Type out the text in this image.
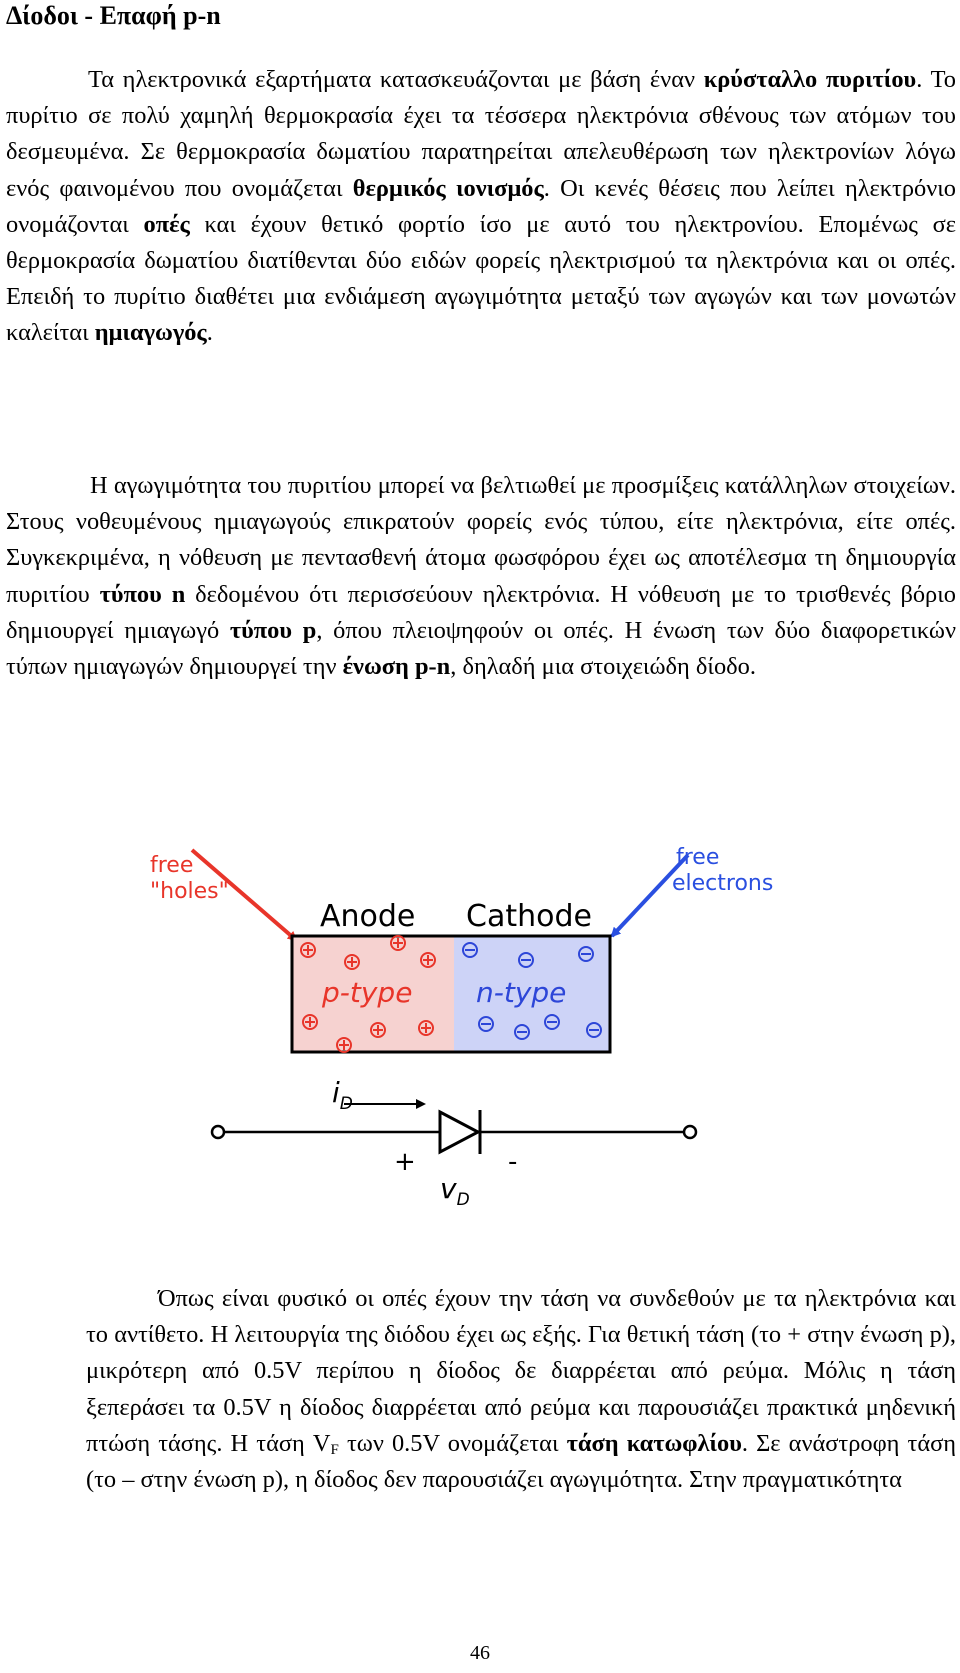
Δίοδοι - Επαφή p-n

Τα ηλεκτρονικά εξαρτήματα κατασκευάζονται με βάση έναν κρύσταλλο πυριτίου. Το πυρίτιο σε πολύ χαμηλή θερμοκρασία έχει τα τέσσερα ηλεκτρόνια σθένους των ατόμων του δεσμευμένα. Σε θερμοκρασία δωματίου παρατηρείται απελευθέρωση των ηλεκτρονίων λόγω ενός φαινομένου που ονομάζεται θερμικός ιονισμός. Οι κενές θέσεις που λείπει ηλεκτρόνιο ονομάζονται οπές και έχουν θετικό φορτίο ίσο με αυτό του ηλεκτρονίου. Επομένως σε θερμοκρασία δωματίου διατίθενται δύο ειδών φορείς ηλεκτρισμού τα ηλεκτρόνια και οι οπές. Επειδή το πυρίτιο διαθέτει μια ενδιάμεση αγωγιμότητα μεταξύ των αγωγών και των μονωτών καλείται ημιαγωγός.

Η αγωγιμότητα του πυριτίου μπορεί να βελτιωθεί με προσμίξεις κατάλληλων στοιχείων. Στους νοθευμένους ημιαγωγούς επικρατούν φορείς ενός τύπου, είτε ηλεκτρόνια, είτε οπές. Συγκεκριμένα, η νόθευση με πεντασθενή άτομα φωσφόρου έχει ως αποτέλεσμα τη δημιουργία πυριτίου τύπου n δεδομένου ότι περισσεύουν ηλεκτρόνια. Η νόθευση με το τρισθενές βόριο δημιουργεί ημιαγωγό τύπου p, όπου πλειοψηφούν οι οπές. Η ένωση των δύο διαφορετικών τύπων ημιαγωγών δημιουργεί την ένωση p-n, δηλαδή μια στοιχειώδη δίοδο.

Anode Cathode
p-type n-type
$i_D$
+	-
$v_D$
free
"holes"
free
electrons

Όπως είναι φυσικό οι οπές έχουν την τάση να συνδεθούν με τα ηλεκτρόνια και το αντίθετο. Η λειτουργία της διόδου έχει ως εξής. Για θετική τάση (το + στην ένωση p), μικρότερη από 0.5V περίπου η δίοδος δε διαρρέεται από ρεύμα. Μόλις η τάση ξεπεράσει τα 0.5V η δίοδος διαρρέεται από ρεύμα και παρουσιάζει πρακτικά μηδενική πτώση τάσης. Η τάση $V_F$ των 0.5V ονομάζεται τάση κατωφλίου. Σε ανάστροφη τάση (το – στην ένωση p), η δίοδος δεν παρουσιάζει αγωγιμότητα. Στην πραγματικότητα

46
